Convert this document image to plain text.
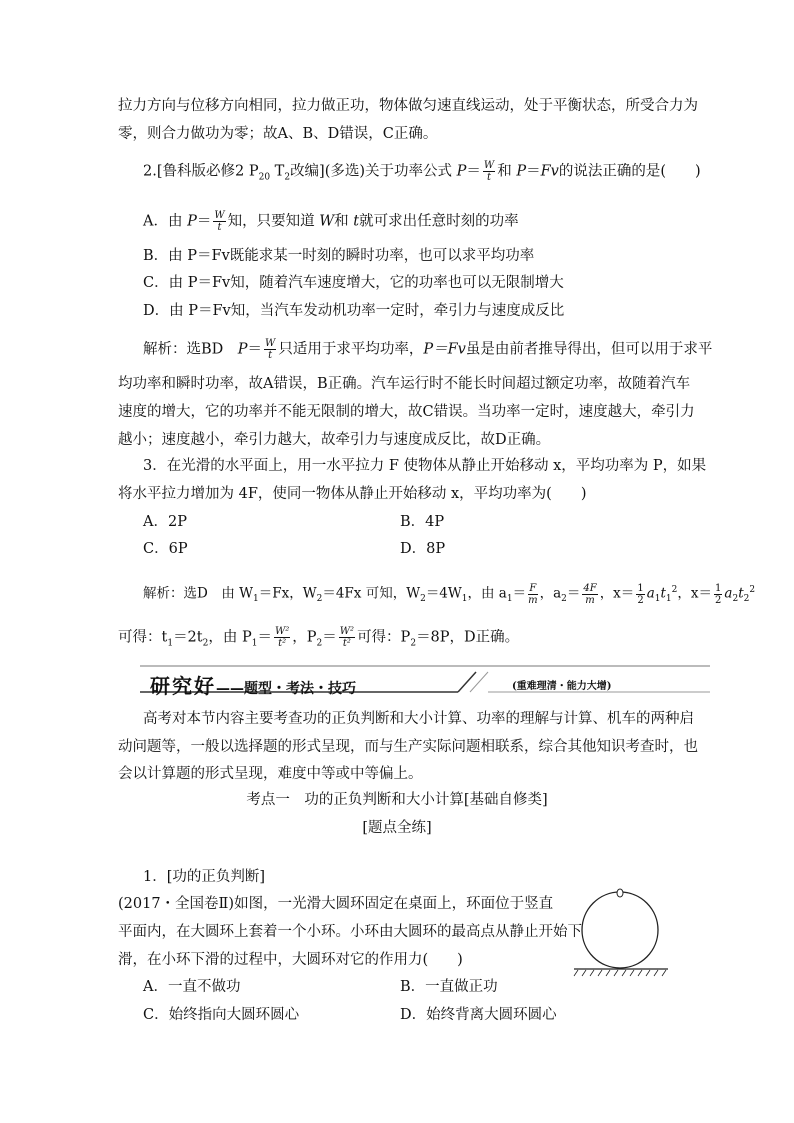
拉力方向与位移方向相同，拉力做正功，物体做匀速直线运动，处于平衡状态，所受合力为
零，则合力做功为零；故A、B、D错误，C正确。
2.[鲁科版必修2 $P_{20}$ $T_2$改编](多选)关于功率公式 $P= \frac{W}{t}$ 和 P＝Fv的说法正确的是(　　)
A．由 $P= \frac{W}{t}$ 知，只要知道 W和 t就可求出任意时刻的功率
B．由 P＝Fv既能求某一时刻的瞬时功率，也可以求平均功率
C．由 P＝Fv知，随着汽车速度增大，它的功率也可以无限制增大
D．由 P＝Fv知，当汽车发动机功率一定时，牵引力与速度成反比
解析：选BD　$P= \frac{W}{t}$ 只适用于求平均功率，P＝Fv虽是由前者推导得出，但可以用于求平
均功率和瞬时功率，故A错误，B正确。汽车运行时不能长时间超过额定功率，故随着汽车
速度的增大，它的功率并不能无限制的增大，故C错误。当功率一定时，速度越大，牵引力
越小；速度越小，牵引力越大，故牵引力与速度成反比，故D正确。
3．在光滑的水平面上，用一水平拉力 F 使物体从静止开始移动 x，平均功率为 P，如果
将水平拉力增加为 4F，使同一物体从静止开始移动 x，平均功率为(　　)
A．2P	B．4P
C．6P	D．8P
解析：选D　由 $W_1=Fx$，$W_2=4Fx$ 可知，$W_2=4W_1$，由 $a_1= \frac{F}{m}$ ，$a_2= \frac{4F}{m}$ ，$x= \frac{1}{2} a_1t_1^2$，$x= \frac{1}{2} a_2t_2^2$
可得：$t_1=2t_2$，由 $P_1= \frac{\text{W²}}{\text{t²}}$ ，$P_2= \frac{\text{W²}}{\text{t²}}$ 可得：$P_2=8P$，D正确。
研究好——题型・考法・技巧	(重难理清・能力大增)
高考对本节内容主要考查功的正负判断和大小计算、功率的理解与计算、机车的两种启
动问题等，一般以选择题的形式呈现，而与生产实际问题相联系，综合其他知识考查时，也
会以计算题的形式呈现，难度中等或中等偏上。
考点一　功的正负判断和大小计算[基础自修类]
[题点全练]
1．[功的正负判断]
(2017・全国卷Ⅱ)如图，一光滑大圆环固定在桌面上，环面位于竖直
平面内，在大圆环上套着一个小环。小环由大圆环的最高点从静止开始下
滑，在小环下滑的过程中，大圆环对它的作用力(　　)
A．一直不做功	B．一直做正功
C．始终指向大圆环圆心	D．始终背离大圆环圆心
